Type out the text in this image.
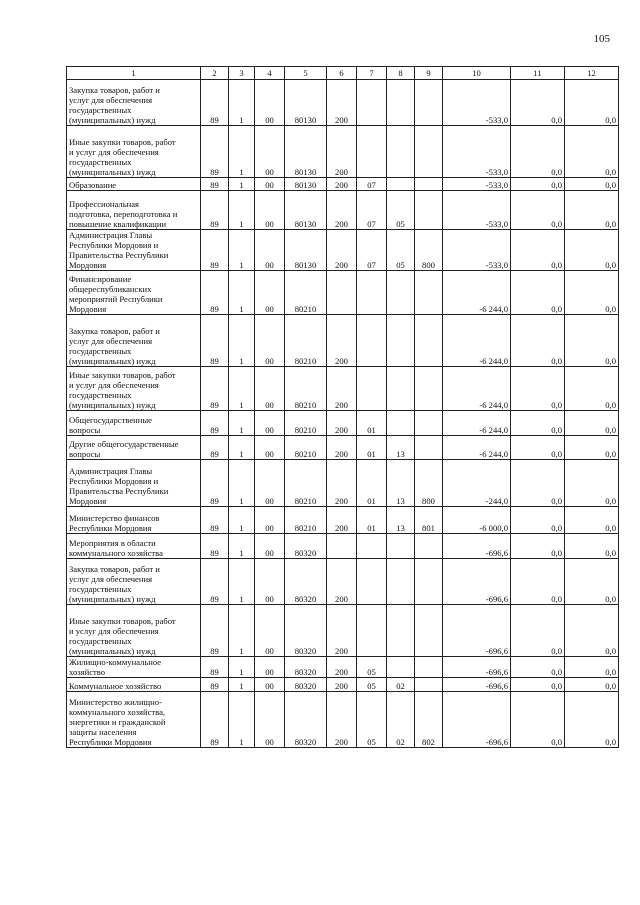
105
1	2	3	4	5	6	7	8	9	10	11	12
Закупка товаров, работ и
услуг для обеспечения
государственных
(муниципальных) нужд	89	1	00	80130	200				-533,0	0,0	0,0
Иные закупки товаров, работ
и услуг для обеспечения
государственных
(муниципальных) нужд	89	1	00	80130	200				-533,0	0,0	0,0
Образование	89	1	00	80130	200	07			-533,0	0,0	0,0
Профессиональная
подготовка, переподготовка и
повышение квалификации	89	1	00	80130	200	07	05		-533,0	0,0	0,0
Администрация Главы
Республики Мордовия и
Правительства Республики
Мордовия	89	1	00	80130	200	07	05	800	-533,0	0,0	0,0
Финансирование
общереспубликанских
мероприятий Республики
Мордовия	89	1	00	80210					-6 244,0	0,0	0,0
Закупка товаров, работ и
услуг для обеспечения
государственных
(муниципальных) нужд	89	1	00	80210	200				-6 244,0	0,0	0,0
Иные закупки товаров, работ
и услуг для обеспечения
государственных
(муниципальных) нужд	89	1	00	80210	200				-6 244,0	0,0	0,0
Общегосударственные
вопросы	89	1	00	80210	200	01			-6 244,0	0,0	0,0
Другие общегосударственные
вопросы	89	1	00	80210	200	01	13		-6 244,0	0,0	0,0
Администрация Главы
Республики Мордовия и
Правительства Республики
Мордовия	89	1	00	80210	200	01	13	800	-244,0	0,0	0,0
Министерство финансов
Республики Мордовия	89	1	00	80210	200	01	13	801	-6 000,0	0,0	0,0
Мероприятия в области
коммунального хозяйства	89	1	00	80320					-696,6	0,0	0,0
Закупка товаров, работ и
услуг для обеспечения
государственных
(муниципальных) нужд	89	1	00	80320	200				-696,6	0,0	0,0
Иные закупки товаров, работ
и услуг для обеспечения
государственных
(муниципальных) нужд	89	1	00	80320	200				-696,6	0,0	0,0
Жилищно-коммунальное
хозяйство	89	1	00	80320	200	05			-696,6	0,0	0,0
Коммунальное хозяйство	89	1	00	80320	200	05	02		-696,6	0,0	0,0
Министерство жилищно-
коммунального хозяйства,
энергетики и гражданской
защиты населения
Республики Мордовия	89	1	00	80320	200	05	02	802	-696,6	0,0	0,0
